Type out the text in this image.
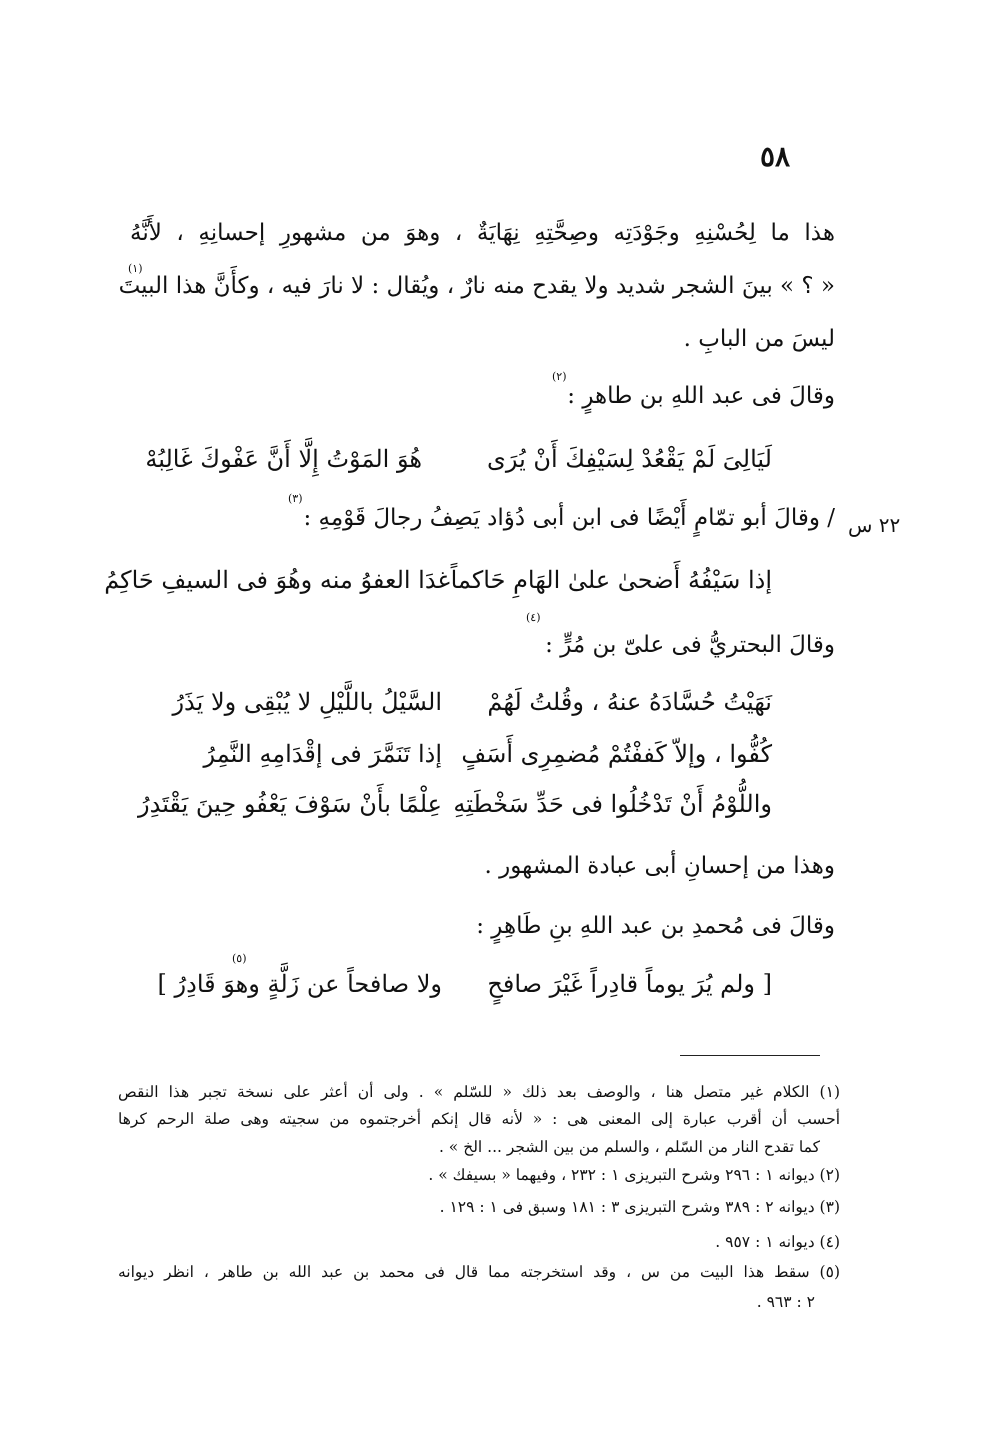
٥٨
هذا ما لِحُسْنِهِ وجَوْدَتِه وصِحَّتِهِ نِهَايَةٌ ، وهوَ من مشهورِ إحسانِهِ ، لأَنَّهُ
« ؟ » بينَ الشجر شديد ولا يقدح منه نارٌ ، ويُقال : لا نارَ فيه ، وكأَنَّ هذا البيتَ
ليسَ من البابِ .
(١)
وقالَ فى عبد اللهِ بن طاهرٍ :
(٢)
لَيَالِىَ لَمْ يَقْعُدْ لِسَيْفِكَ أَنْ يُرَى
هُوَ المَوْتُ إِلَّا أَنَّ عَفْوكَ غَالِبُهْ
/ وقالَ أبو تمّامٍ أَيْضًا فى ابن أبى دُؤاد يَصِفُ رجالَ قَوْمِهِ :
(٣)
٢٢ س
إذا سَيْفُهُ أَضحىٰ علىٰ الهَامِ حَاكماً
غدَا العفوُ منه وهُوَ فى السيفِ حَاكِمُ
وقالَ البحتريُّ فى علىّ بن مُرٍّ :
(٤)
نَهَيْتُ حُسَّادَهُ عنهُ ، وقُلتُ لَهُمْ
السَّيْلُ باللَّيْلِ لا يُبْقِى ولا يَذَرُ
كُفُّوا ، وإلاّ كَففْتُمْ مُضمِرِى أَسَفٍ
إذا تَنَمَّرَ فى إقْدَامِهِ النَّمِرُ
واللُّوْمُ أَنْ تَدْخُلُوا فى حَدِّ سَخْطَتِهِ
عِلْمًا بأَنْ سَوْفَ يَعْفُو حِينَ يَقْتَدِرُ
وهذا من إحسانِ أبى عبادة المشهور .
وقالَ فى مُحمدِ بن عبد اللهِ بنِ طَاهِرٍ :
[ ولم يُرَ يوماً قادِراً غَيْرَ صافحٍ
ولا صافحاً عن زَلَّةٍ وهوَ قَادِرُ ]
(٥)
(١) الكلام غير متصل هنا ، والوصف بعد ذلك « للسّلم » . ولى أن أعثر على نسخة تجبر هذا النقص
أحسب أن أقرب عبارة إلى المعنى هى : « لأنه قال إنكم أخرجتموه من سجيته وهى صلة الرحم كرها
كما تقدح النار من السّلم ، والسلم من بين الشجر ... الخ » .
(٢) ديوانه ١ : ٢٩٦ وشرح التبريزى ١ : ٢٣٢ ، وفيهما « بسيفك » .
(٣) ديوانه ٢ : ٣٨٩ وشرح التبريزى ٣ : ١٨١ وسبق فى ١ : ١٢٩ .
(٤) ديوانه ١ : ٩٥٧ .
(٥) سقط هذا البيت من س ، وقد استخرجته مما قال فى محمد بن عبد الله بن طاهر ، انظر ديوانه
٢ : ٩٦٣ .
